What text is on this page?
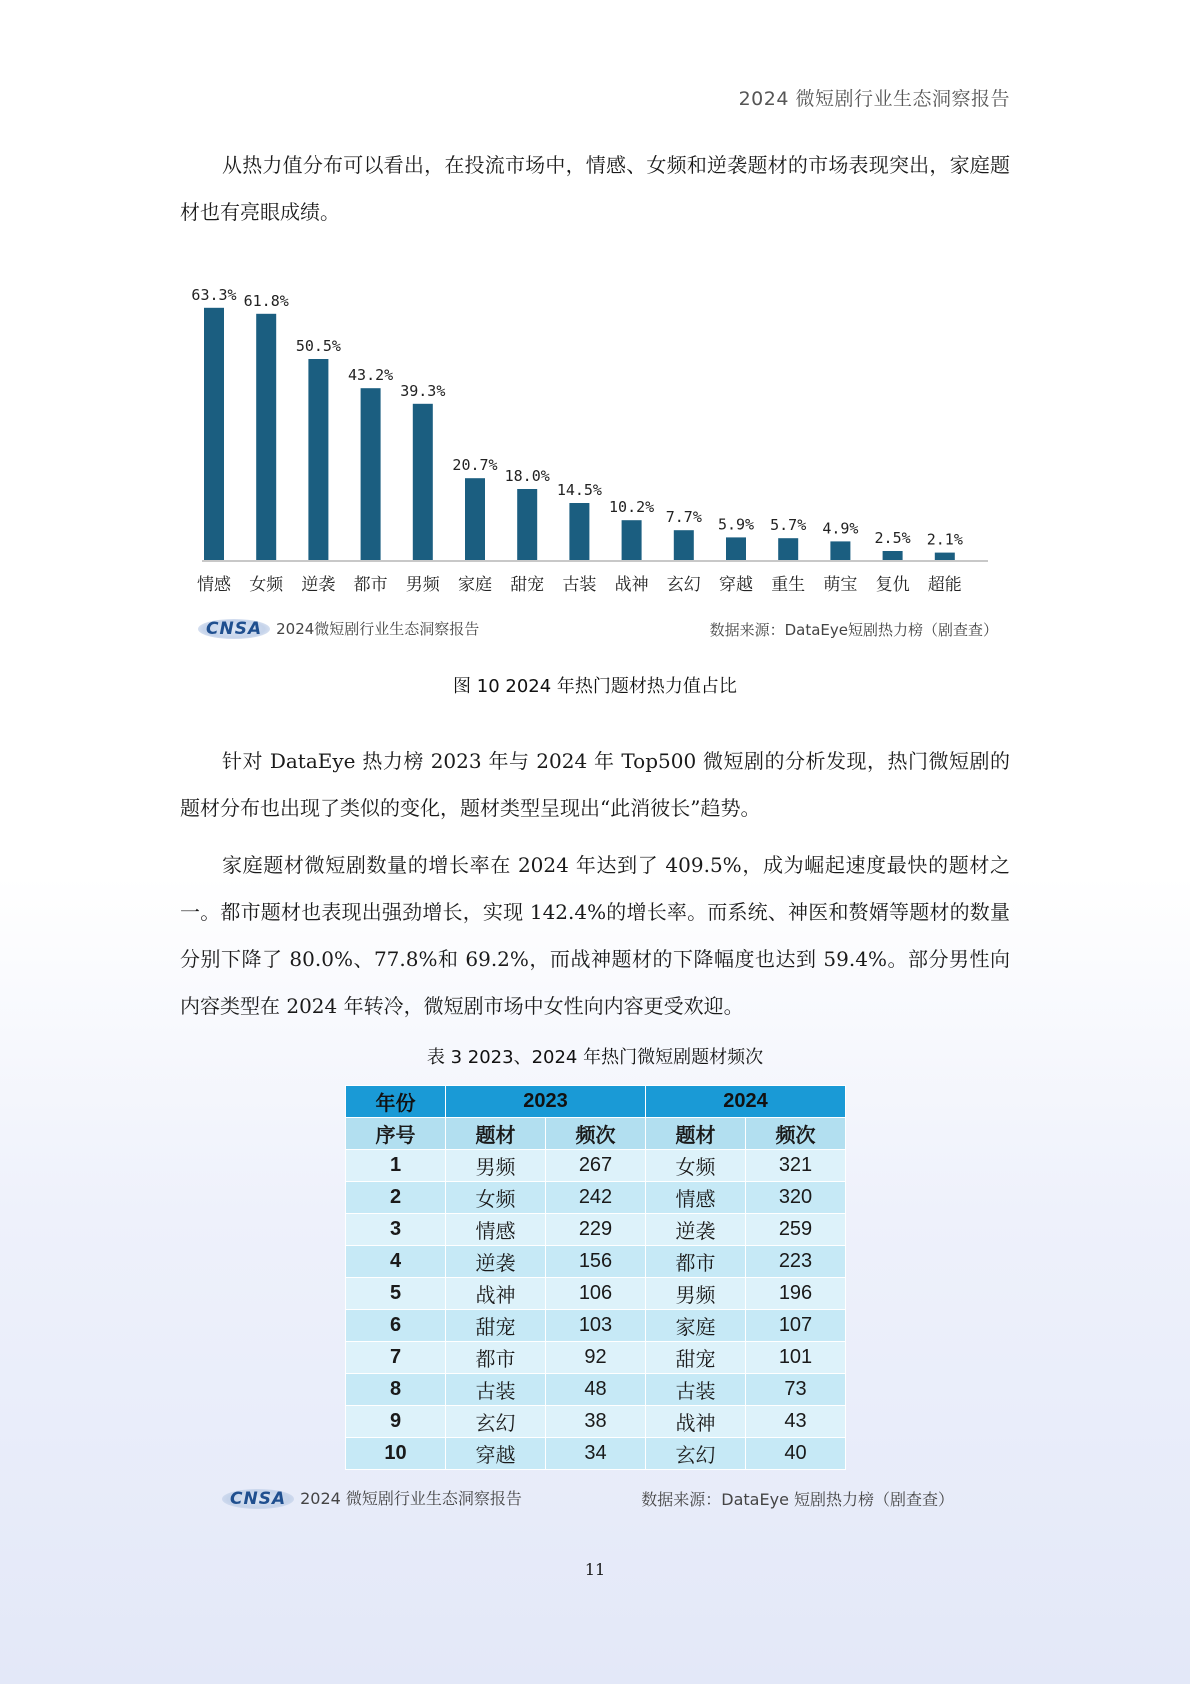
2024 微短剧行业生态洞察报告

从热力值分布可以看出，在投流市场中，情感、女频和逆袭题材的市场表现突出，家庭题材也有亮眼成绩。

63.3%
情感
61.8%
女频
50.5%
逆袭
43.2%
都市
39.3%
男频
20.7%
家庭
18.0%
甜宠
14.5%
古装
10.2%
战神
7.7%
玄幻
5.9%
穿越
5.7%
重生
4.9%
萌宝
2.5%
复仇
2.1%
超能
CNSA 2024微短剧行业生态洞察报告	数据来源：DataEye短剧热力榜（剧查查）
图 10 2024 年热门题材热力值占比

针对 DataEye 热力榜 2023 年与 2024 年 Top500 微短剧的分析发现，热门微短剧的题材分布也出现了类似的变化，题材类型呈现出“此消彼长”趋势。

家庭题材微短剧数量的增长率在 2024 年达到了 409.5%，成为崛起速度最快的题材之一。都市题材也表现出强劲增长，实现 142.4%的增长率。而系统、神医和赘婿等题材的数量分别下降了 80.0%、77.8%和 69.2%，而战神题材的下降幅度也达到 59.4%。部分男性向内容类型在 2024 年转冷，微短剧市场中女性向内容更受欢迎。

表 3 2023、2024 年热门微短剧题材频次
年份	2023		2024	
序号	题材	频次	题材	频次
1	男频	267	女频	321
2	女频	242	情感	320
3	情感	229	逆袭	259
4	逆袭	156	都市	223
5	战神	106	男频	196
6	甜宠	103	家庭	107
7	都市	92	甜宠	101
8	古装	48	古装	73
9	玄幻	38	战神	43
10	穿越	34	玄幻	40
CNSA 2024 微短剧行业生态洞察报告	数据来源：DataEye 短剧热力榜（剧查查）
11
